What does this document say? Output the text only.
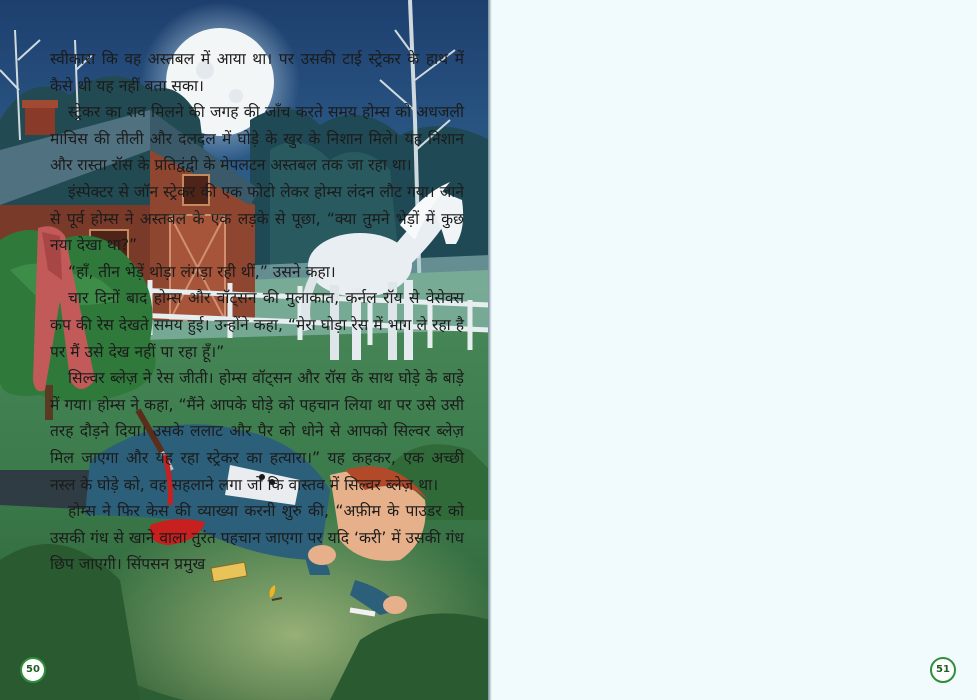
स्वीकारा कि वह अस्तबल में आया था। पर उसकी टाई स्ट्रेकर के हाथ में कैसे थी यह नहीं बता सका।

स्ट्रेकर का शव मिलने की जगह की जाँच करते समय होम्स को अधजली माचिस की तीली और दलदल में घोड़े के खुर के निशान मिले। यह निशान और रास्ता रॉस के प्रतिद्वंद्वी के मेपलटन अस्तबल तक जा रहा था।

इंस्पेक्टर से जॉन स्ट्रेकर की एक फोटो लेकर होम्स लंदन लौट गया। जाने से पूर्व होम्स ने अस्तबल के एक लड़के से पूछा, “क्या तुमने भेड़ों में कुछ नया देखा था?”

“हाँ, तीन भेड़ें थोड़ा लंगड़ा रही थीं,” उसने कहा।

चार दिनों बाद होम्स और वॉट्सन की मुलाकात, कर्नल रॉय से वेसेक्स कप की रेस देखते समय हुई। उन्होंने कहा, “मेरा घोड़ा रेस में भाग ले रहा है पर मैं उसे देख नहीं पा रहा हूँ।”

सिल्वर ब्लेज़ ने रेस जीती। होम्स वॉट्सन और रॉस के साथ घोड़े के बाड़े में गया। होम्स ने कहा, “मैंने आपके घोड़े को पहचान लिया था पर उसे उसी तरह दौड़ने दिया। उसके ललाट और पैर को धोने से आपको सिल्वर ब्लेज़ मिल जाएगा और यह रहा स्ट्रेकर का हत्यारा।” यह कहकर, एक अच्छी नस्ल के घोड़े को, वह सहलाने लगा जो कि वास्तव में सिल्वर ब्लेज़ था।

होम्स ने फिर केस की व्याख्या करनी शुरु की, “अफ़ीम के पाउडर को उसकी गंध से खाने वाला तुरंत पहचान जाएगा पर यदि ‘करी’ में उसकी गंध छिप जाएगी। सिंपसन प्रमुख

50	51
